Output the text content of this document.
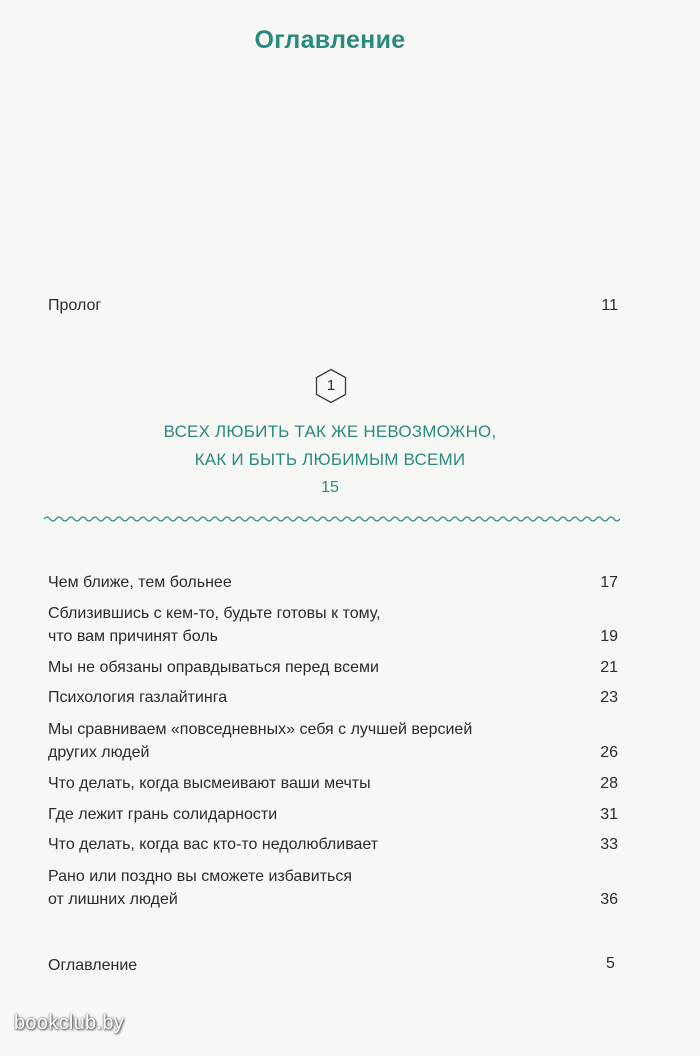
Оглавление
Пролог	11
1
ВСЕХ ЛЮБИТЬ ТАК ЖЕ НЕВОЗМОЖНО,
КАК И БЫТЬ ЛЮБИМЫМ ВСЕМИ
15
Чем ближе, тем больнее	17
Сблизившись с кем-то, будьте готовы к тому,
что вам причинят боль	19
Мы не обязаны оправдываться перед всеми	21
Психология газлайтинга	23
Мы сравниваем «повседневных» себя с лучшей версией
других людей	26
Что делать, когда высмеивают ваши мечты	28
Где лежит грань солидарности	31
Что делать, когда вас кто-то недолюбливает	33
Рано или поздно вы сможете избавиться
от лишних людей	36
Оглавление	5
bookclub.by
